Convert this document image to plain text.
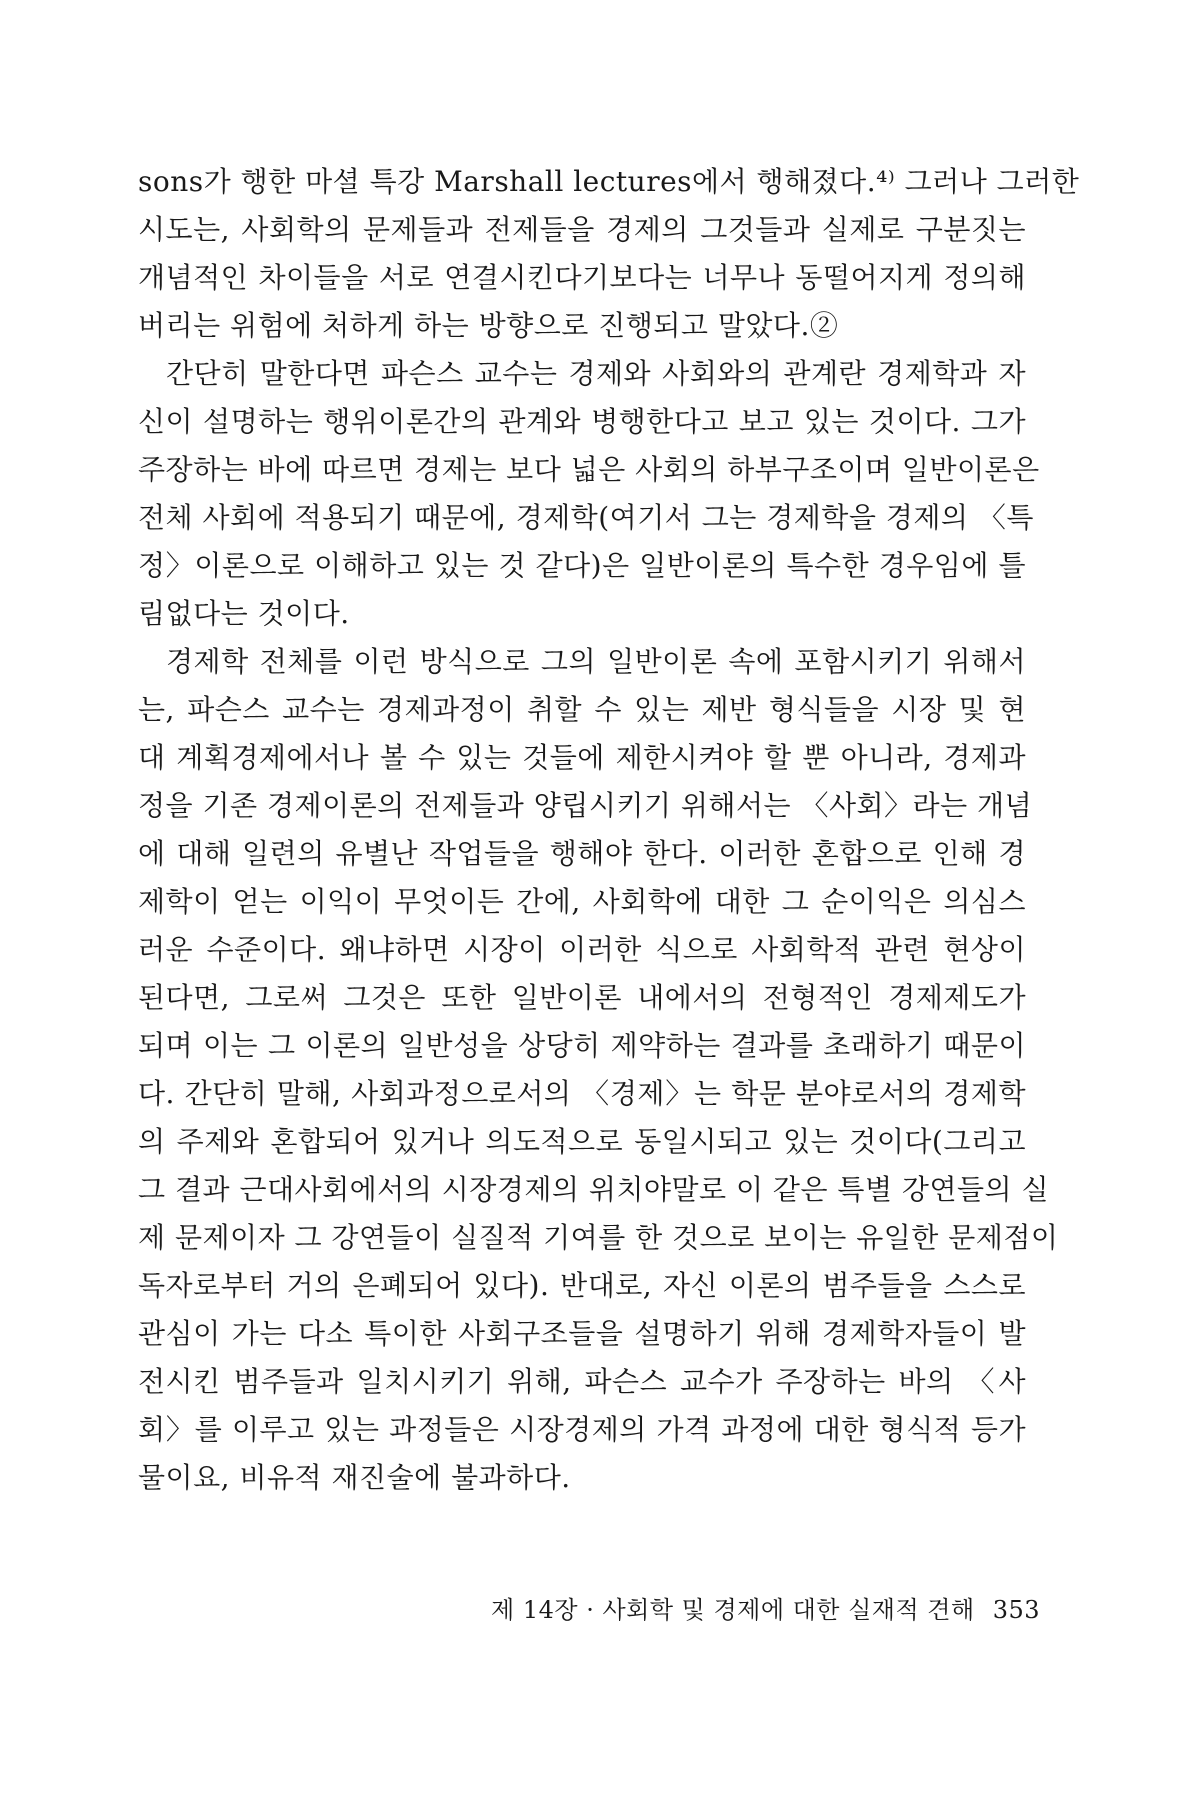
sons가 행한 마셜 특강 Marshall lectures에서 행해졌다.⁴⁾ 그러나 그러한
시도는, 사회학의 문제들과 전제들을 경제의 그것들과 실제로 구분짓는
개념적인 차이들을 서로 연결시킨다기보다는 너무나 동떨어지게 정의해
버리는 위험에 처하게 하는 방향으로 진행되고 말았다.②
간단히 말한다면 파슨스 교수는 경제와 사회와의 관계란 경제학과 자
신이 설명하는 행위이론간의 관계와 병행한다고 보고 있는 것이다. 그가
주장하는 바에 따르면 경제는 보다 넓은 사회의 하부구조이며 일반이론은
전체 사회에 적용되기 때문에, 경제학(여기서 그는 경제학을 경제의 〈특
정〉이론으로 이해하고 있는 것 같다)은 일반이론의 특수한 경우임에 틀
림없다는 것이다.
경제학 전체를 이런 방식으로 그의 일반이론 속에 포함시키기 위해서
는, 파슨스 교수는 경제과정이 취할 수 있는 제반 형식들을 시장 및 현
대 계획경제에서나 볼 수 있는 것들에 제한시켜야 할 뿐 아니라, 경제과
정을 기존 경제이론의 전제들과 양립시키기 위해서는 〈사회〉라는 개념
에 대해 일련의 유별난 작업들을 행해야 한다. 이러한 혼합으로 인해 경
제학이 얻는 이익이 무엇이든 간에, 사회학에 대한 그 순이익은 의심스
러운 수준이다. 왜냐하면 시장이 이러한 식으로 사회학적 관련 현상이
된다면, 그로써 그것은 또한 일반이론 내에서의 전형적인 경제제도가
되며 이는 그 이론의 일반성을 상당히 제약하는 결과를 초래하기 때문이
다. 간단히 말해, 사회과정으로서의 〈경제〉는 학문 분야로서의 경제학
의 주제와 혼합되어 있거나 의도적으로 동일시되고 있는 것이다(그리고
그 결과 근대사회에서의 시장경제의 위치야말로 이 같은 특별 강연들의 실
제 문제이자 그 강연들이 실질적 기여를 한 것으로 보이는 유일한 문제점이
독자로부터 거의 은폐되어 있다). 반대로, 자신 이론의 범주들을 스스로
관심이 가는 다소 특이한 사회구조들을 설명하기 위해 경제학자들이 발
전시킨 범주들과 일치시키기 위해, 파슨스 교수가 주장하는 바의 〈사
회〉를 이루고 있는 과정들은 시장경제의 가격 과정에 대한 형식적 등가
물이요, 비유적 재진술에 불과하다.
제 14장 · 사회학 및 경제에 대한 실재적 견해 353
